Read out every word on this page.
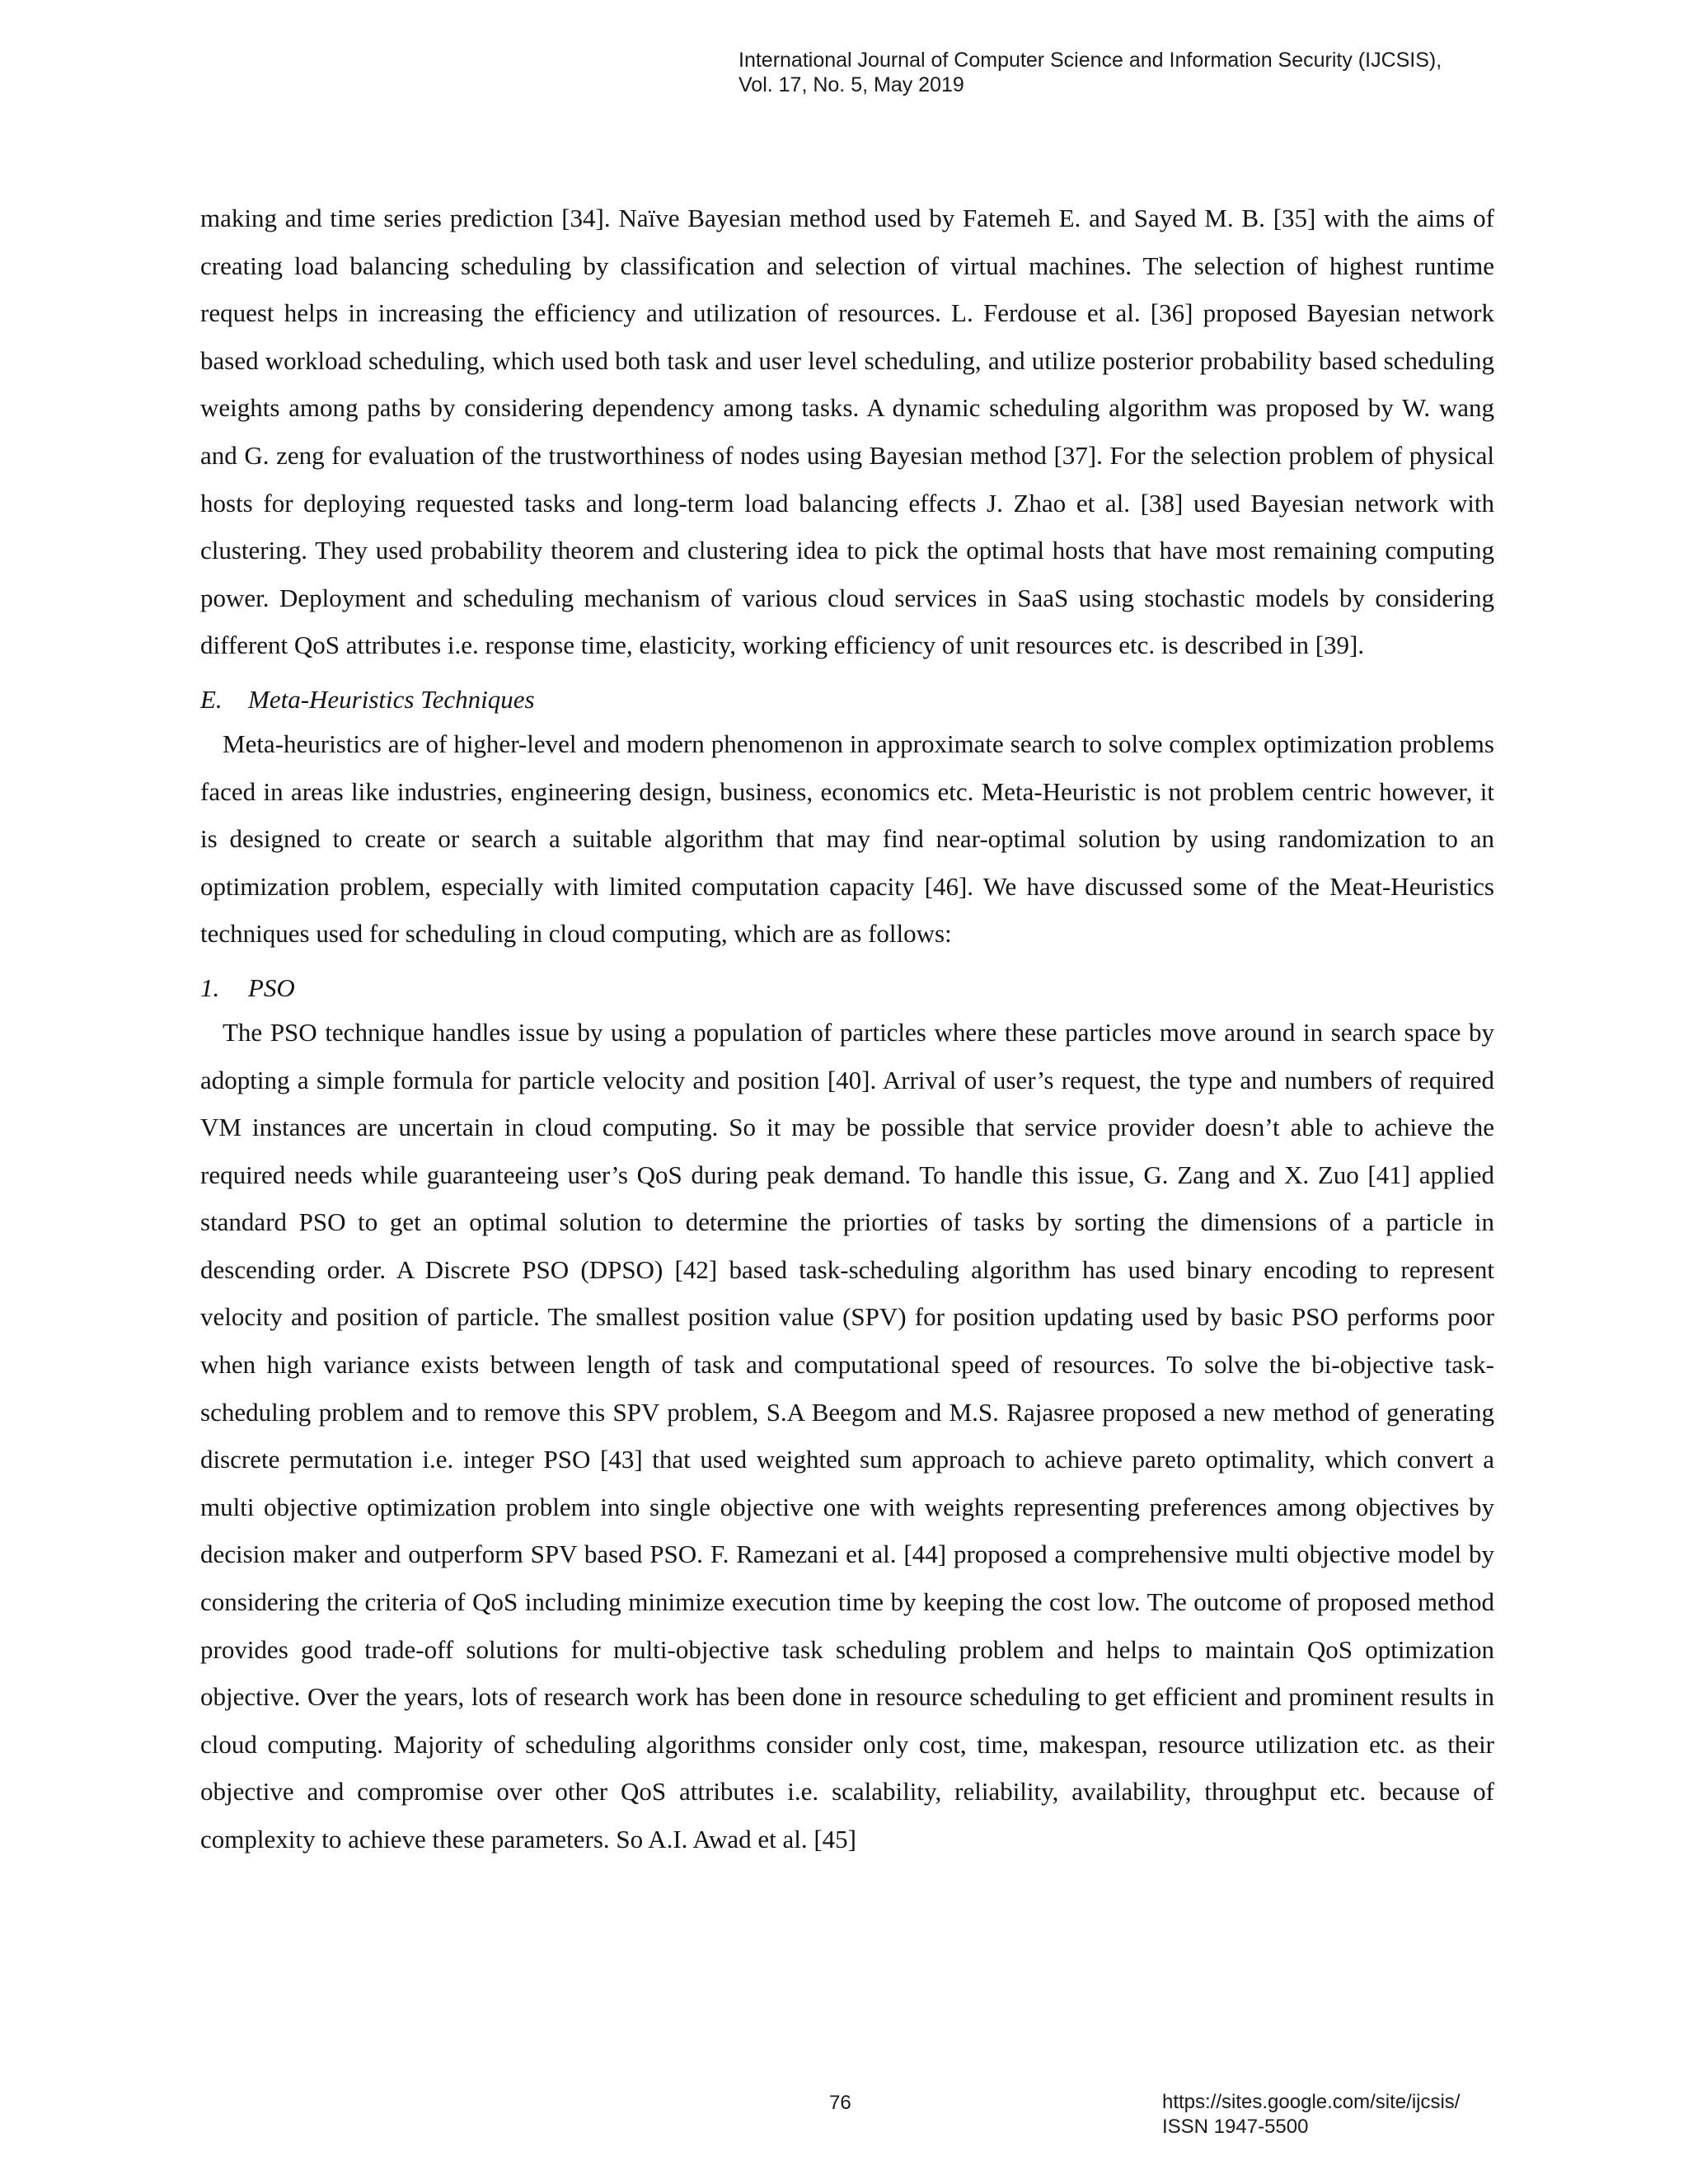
International Journal of Computer Science and Information Security (IJCSIS),
Vol. 17, No. 5, May 2019

making and time series prediction [34]. Naïve Bayesian method used by Fatemeh E. and Sayed M. B. [35] with the aims of creating load balancing scheduling by classification and selection of virtual machines. The selection of highest runtime request helps in increasing the efficiency and utilization of resources. L. Ferdouse et al. [36] proposed Bayesian network based workload scheduling, which used both task and user level scheduling, and utilize posterior probability based scheduling weights among paths by considering dependency among tasks. A dynamic scheduling algorithm was proposed by W. wang and G. zeng for evaluation of the trustworthiness of nodes using Bayesian method [37]. For the selection problem of physical hosts for deploying requested tasks and long-term load balancing effects J. Zhao et al. [38] used Bayesian network with clustering. They used probability theorem and clustering idea to pick the optimal hosts that have most remaining computing power. Deployment and scheduling mechanism of various cloud services in SaaS using stochastic models by considering different QoS attributes i.e. response time, elasticity, working efficiency of unit resources etc. is described in [39].

E. Meta-Heuristics Techniques

Meta-heuristics are of higher-level and modern phenomenon in approximate search to solve complex optimization problems faced in areas like industries, engineering design, business, economics etc. Meta-Heuristic is not problem centric however, it is designed to create or search a suitable algorithm that may find near-optimal solution by using randomization to an optimization problem, especially with limited computation capacity [46]. We have discussed some of the Meat-Heuristics techniques used for scheduling in cloud computing, which are as follows:

1. PSO

The PSO technique handles issue by using a population of particles where these particles move around in search space by adopting a simple formula for particle velocity and position [40]. Arrival of user’s request, the type and numbers of required VM instances are uncertain in cloud computing. So it may be possible that service provider doesn’t able to achieve the required needs while guaranteeing user’s QoS during peak demand. To handle this issue, G. Zang and X. Zuo [41] applied standard PSO to get an optimal solution to determine the priorties of tasks by sorting the dimensions of a particle in descending order. A Discrete PSO (DPSO) [42] based task-scheduling algorithm has used binary encoding to represent velocity and position of particle. The smallest position value (SPV) for position updating used by basic PSO performs poor when high variance exists between length of task and computational speed of resources. To solve the bi-objective task-scheduling problem and to remove this SPV problem, S.A Beegom and M.S. Rajasree proposed a new method of generating discrete permutation i.e. integer PSO [43] that used weighted sum approach to achieve pareto optimality, which convert a multi objective optimization problem into single objective one with weights representing preferences among objectives by decision maker and outperform SPV based PSO. F. Ramezani et al. [44] proposed a comprehensive multi objective model by considering the criteria of QoS including minimize execution time by keeping the cost low. The outcome of proposed method provides good trade-off solutions for multi-objective task scheduling problem and helps to maintain QoS optimization objective. Over the years, lots of research work has been done in resource scheduling to get efficient and prominent results in cloud computing. Majority of scheduling algorithms consider only cost, time, makespan, resource utilization etc. as their objective and compromise over other QoS attributes i.e. scalability, reliability, availability, throughput etc. because of complexity to achieve these parameters. So A.I. Awad et al. [45]

76	https://sites.google.com/site/ijcsis/
ISSN 1947-5500
